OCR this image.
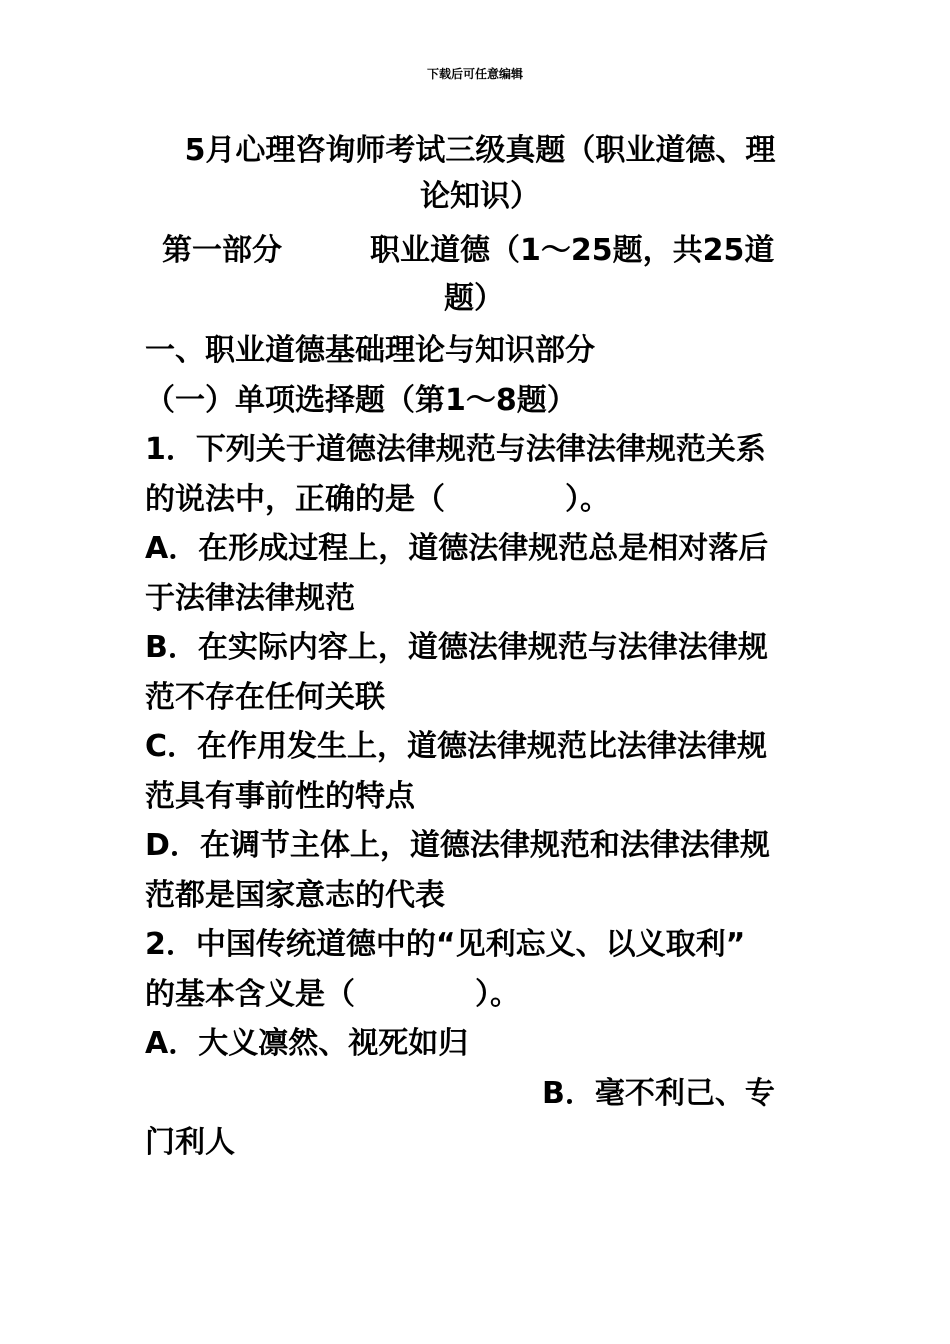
下载后可任意编辑
5月心理咨询师考试三级真题（职业道德、理
论知识）
第一部分	职业道德（1～25题，共25道
题）
一、职业道德基础理论与知识部分
（一）单项选择题（第1～8题）
1．下列关于道德法律规范与法律法律规范关系
的说法中，正确的是（　　　　）。
A．在形成过程上，道德法律规范总是相对落后
于法律法律规范
B．在实际内容上，道德法律规范与法律法律规
范不存在任何关联
C．在作用发生上，道德法律规范比法律法律规
范具有事前性的特点
D．在调节主体上，道德法律规范和法律法律规
范都是国家意志的代表
2．中国传统道德中的“见利忘义、以义取利”
的基本含义是（　　　　）。
A．大义凛然、视死如归
B．毫不利己、专
门利人
